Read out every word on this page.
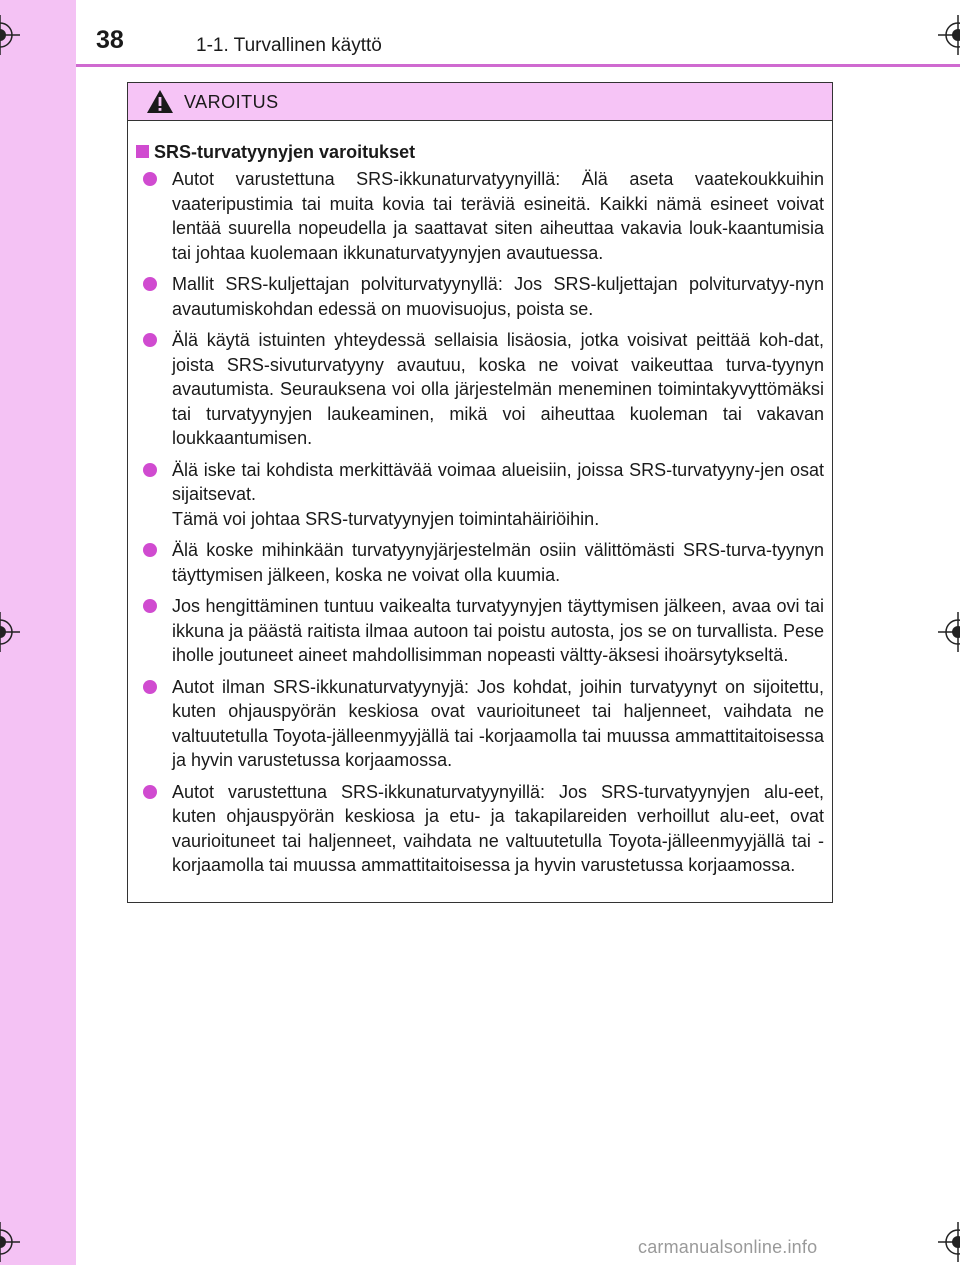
38	1-1. Turvallinen käyttö
VAROITUS
SRS-turvatyynyjen varoitukset
Autot varustettuna SRS-ikkunaturvatyynyillä: Älä aseta vaatekoukkuihin vaateripustimia tai muita kovia tai teräviä esineitä. Kaikki nämä esineet voivat lentää suurella nopeudella ja saattavat siten aiheuttaa vakavia louk-kaantumisia tai johtaa kuolemaan ikkunaturvatyynyjen avautuessa.
Mallit SRS-kuljettajan polviturvatyynyllä: Jos SRS-kuljettajan polviturvatyy-nyn avautumiskohdan edessä on muovisuojus, poista se.
Älä käytä istuinten yhteydessä sellaisia lisäosia, jotka voisivat peittää koh-dat, joista SRS-sivuturvatyyny avautuu, koska ne voivat vaikeuttaa turva-tyynyn avautumista. Seurauksena voi olla järjestelmän meneminen toimintakyvyttömäksi tai turvatyynyjen laukeaminen, mikä voi aiheuttaa kuoleman tai vakavan loukkaantumisen.
Älä iske tai kohdista merkittävää voimaa alueisiin, joissa SRS-turvatyyny-jen osat sijaitsevat.
Tämä voi johtaa SRS-turvatyynyjen toimintahäiriöihin.
Älä koske mihinkään turvatyynyjärjestelmän osiin välittömästi SRS-turva-tyynyn täyttymisen jälkeen, koska ne voivat olla kuumia.
Jos hengittäminen tuntuu vaikealta turvatyynyjen täyttymisen jälkeen, avaa ovi tai ikkuna ja päästä raitista ilmaa autoon tai poistu autosta, jos se on turvallista. Pese iholle joutuneet aineet mahdollisimman nopeasti vältty-äksesi ihoärsytykseltä.
Autot ilman SRS-ikkunaturvatyynyjä: Jos kohdat, joihin turvatyynyt on sijoitettu, kuten ohjauspyörän keskiosa ovat vaurioituneet tai haljenneet, vaihdata ne valtuutetulla Toyota-jälleenmyyjällä tai -korjaamolla tai muussa ammattitaitoisessa ja hyvin varustetussa korjaamossa.
Autot varustettuna SRS-ikkunaturvatyynyillä: Jos SRS-turvatyynyjen alu-eet, kuten ohjauspyörän keskiosa ja etu- ja takapilareiden verhoillut alu-eet, ovat vaurioituneet tai haljenneet, vaihdata ne valtuutetulla Toyota-jälleenmyyjällä tai -korjaamolla tai muussa ammattitaitoisessa ja hyvin varustetussa korjaamossa.
carmanualsonline.info
